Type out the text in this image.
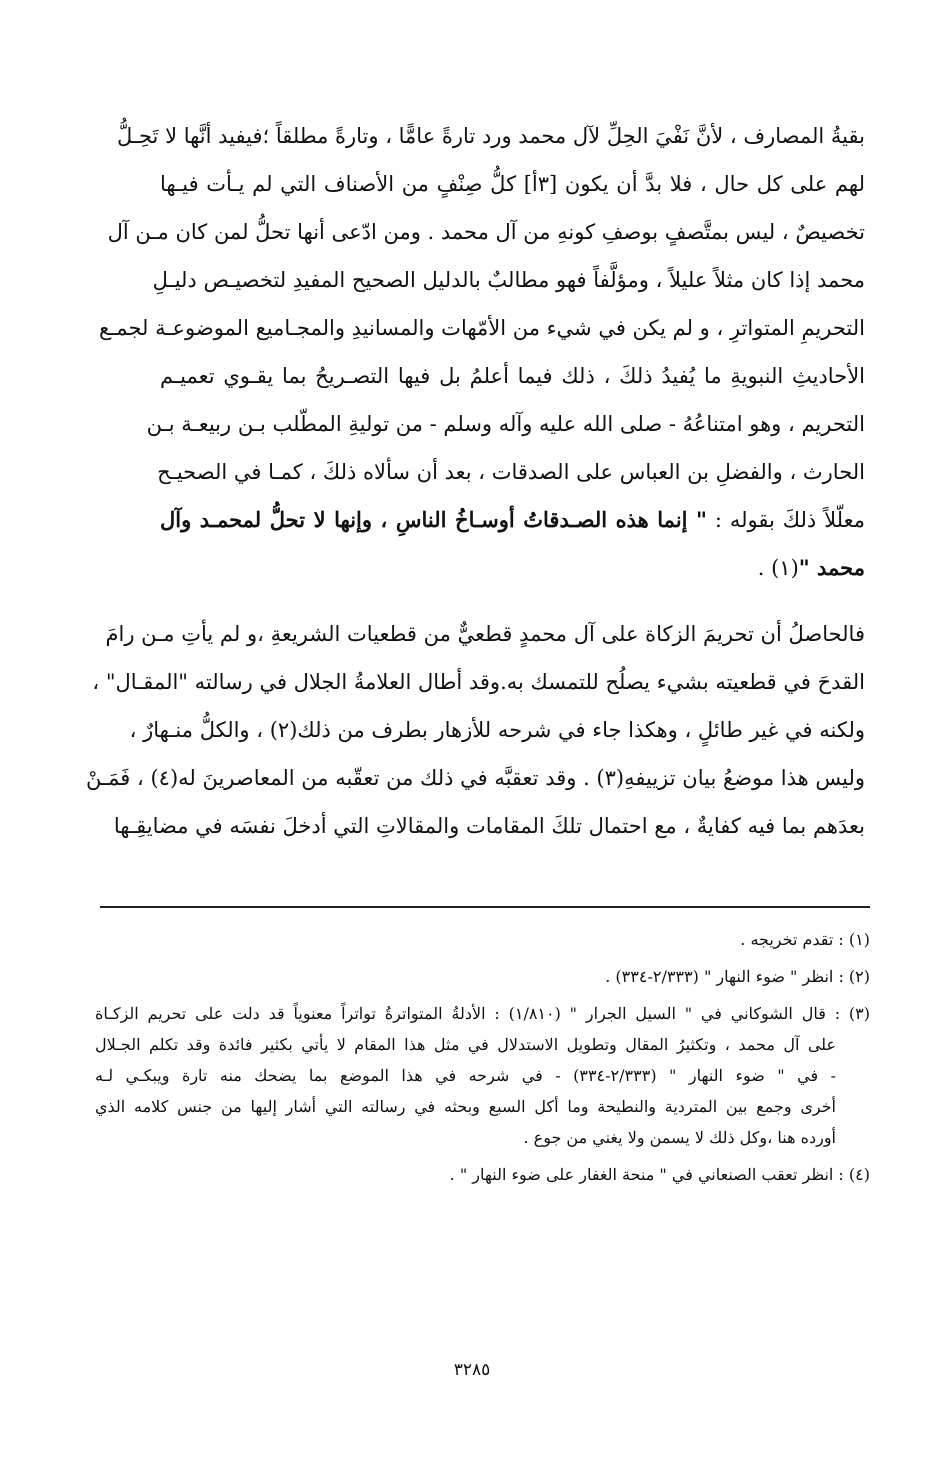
بقيةُ المصارف ، لأنَّ نَفْيَ الحِلِّ لآل محمد ورد تارةً عامًّا ، وتارةً مطلقاً ؛فيفيد أنَّها لا تَحِـلُّ
لهم على كل حال ، فلا بدَّ أن يكون [٣أ] كلُّ صِنْفٍ من الأصناف التي لم يـأت فيـها
تخصيصٌ ، ليس بمتَّصفٍ بوصفِ كونهِ من آل محمد . ومن ادّعى أنها تحلُّ لمن كان مـن آل
محمد إذا كان مثلاً عليلاً ، ومؤلَّفاً فهو مطالبٌ بالدليل الصحيح المفيدِ لتخصيـص دليـلِ
التحريمِ المتواترِ ، و لم يكن في شيء من الأمّهات والمسانيدِ والمجـاميع الموضوعـة لجمـع
الأحاديثِ النبويةِ ما يُفيدُ ذلكَ ، ذلك فيما أعلمُ بل فيها التصـريحُ بما يقـوي تعميـم
التحريم ، وهو امتناعُهُ - صلى الله عليه وآله وسلم - من توليةِ المطّلب بـن ربيعـة بـن
الحارث ، والفضلِ بن العباس على الصدقات ، بعد أن سألاه ذلكَ ، كمـا في الصحيـح
معلّلاً ذلكَ بقوله : " إنما هذه الصـدقاتُ أوسـاخُ الناسِ ، وإنها لا تحلُّ لمحمـد وآل
محمد "(١) .
فالحاصلُ أن تحريمَ الزكاة على آل محمدٍ قطعيٌّ من قطعيات الشريعةِ ،و لم يأتِ مـن رامَ
القدحَ في قطعيته بشيء يصلُح للتمسك به.وقد أطال العلامةُ الجلال في رسالته "المقـال" ،
ولكنه في غير طائلٍ ، وهكذا جاء في شرحه للأزهار بطرف من ذلك(٢) ، والكلُّ منـهارٌ ،
وليس هذا موضعُ بيان تزييفهِ(٣) . وقد تعقبَّه في ذلك من تعقّبه من المعاصرينَ له(٤) ، فَمَـنْ
بعدَهم بما فيه كفايةٌ ، مع احتمال تلكَ المقامات والمقالاتِ التي أدخلَ نفسَه في مضايقِـها
(١) : تقدم تخريجه .
(٢) : انظر " ضوء النهار " (٢/٣٣٣-٣٣٤) .
(٣) : قال الشوكاني في " السيل الجرار " (١/٨١٠) : الأدلةُ المتواترةُ تواتراً معنوياً قد دلت على تحريم الزكـاة
على آل محمد ، وتكثيرُ المقال وتطويل الاستدلال في مثل هذا المقام لا يأتي بكثير فائدة وقد تكلم الجـلال
- في " ضوء النهار " (٢/٣٣٣-٣٣٤) - في شرحه في هذا الموضع بما يضحك منه تارة ويبكـي لـه
أخرى وجمع بين المتردية والنطيحة وما أكل السبع وبحثه في رسالته التي أشار إليها من جنس كلامه الذي
أورده هنا ،وكل ذلك لا يسمن ولا يغني من جوع .
(٤) : انظر تعقب الصنعاني في " منحة الغفار على ضوء النهار " .
٣٢٨٥
